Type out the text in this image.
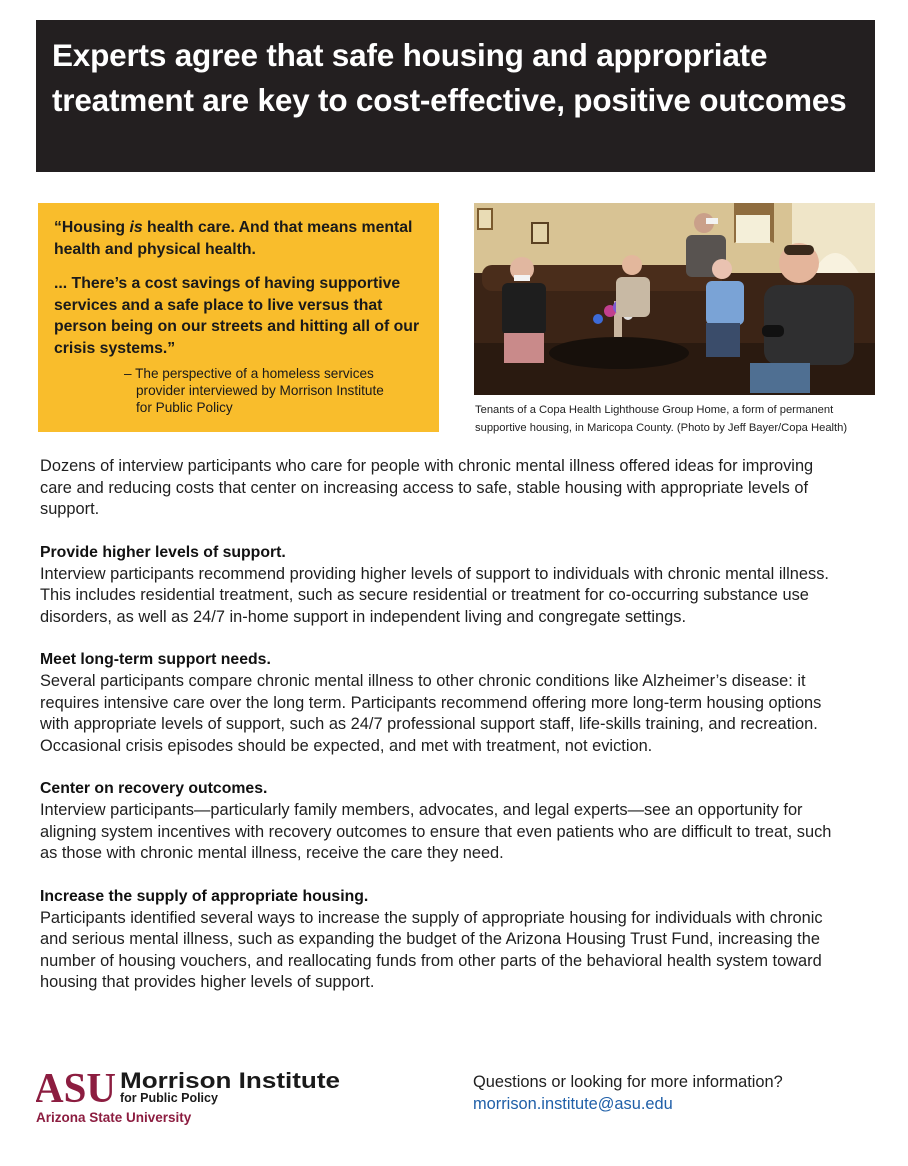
Experts agree that safe housing and appropriate treatment are key to cost-effective, positive outcomes

“Housing is health care. And that means mental health and physical health.

... There’s a cost savings of having supportive services and a safe place to live versus that person being on our streets and hitting all of our crisis systems.”

– The perspective of a homeless services
provider interviewed by Morrison Institute
for Public Policy	Tenants of a Copa Health Lighthouse Group Home, a form of permanent supportive housing, in Maricopa County. (Photo by Jeff Bayer/Copa Health)

Dozens of interview participants who care for people with chronic mental illness offered ideas for improving care and reducing costs that center on increasing access to safe, stable housing with appropriate levels of support.

Provide higher levels of support.

Interview participants recommend providing higher levels of support to individuals with chronic mental illness. This includes residential treatment, such as secure residential or treatment for co-occurring substance use disorders, as well as 24/7 in-home support in independent living and congregate settings.

Meet long-term support needs.

Several participants compare chronic mental illness to other chronic conditions like Alzheimer’s disease: it requires intensive care over the long term. Participants recommend offering more long-term housing options with appropriate levels of support, such as 24/7 professional support staff, life-skills training, and recreation. Occasional crisis episodes should be expected, and met with treatment, not eviction.

Center on recovery outcomes.

Interview participants—particularly family members, advocates, and legal experts—see an opportunity for aligning system incentives with recovery outcomes to ensure that even patients who are difficult to treat, such as those with chronic mental illness, receive the care they need.

Increase the supply of appropriate housing.

Participants identified several ways to increase the supply of appropriate housing for individuals with chronic and serious mental illness, such as expanding the budget of the Arizona Housing Trust Fund, increasing the number of housing vouchers, and reallocating funds from other parts of the behavioral health system toward housing that provides higher levels of support.

ASU Morrison Institute
for Public Policy
Arizona State University
Questions or looking for more information?
morrison.institute@asu.edu
